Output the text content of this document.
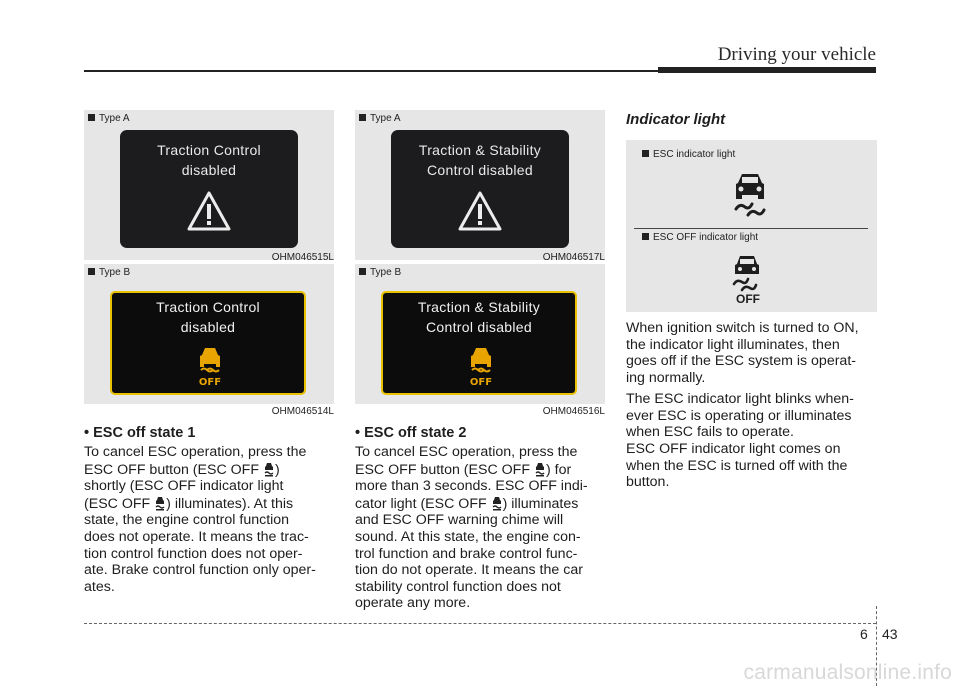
Driving your vehicle
Type A
Traction Control
disabled
OHM046515L
Type B
Traction Control
disabled
OFF
OHM046514L
Type A
Traction & Stability
Control disabled
OHM046517L
Type B
Traction & Stability
Control disabled
OFF
OHM046516L
• ESC off state 1
To cancel ESC operation, press the
ESC OFF button (ESC OFF )
shortly (ESC OFF indicator light
(ESC OFF ) illuminates). At this
state, the engine control function
does not operate. It means the trac-
tion control function does not oper-
ate. Brake control function only oper-
ates.
• ESC off state 2
To cancel ESC operation, press the
ESC OFF button (ESC OFF ) for
more than 3 seconds. ESC OFF indi-
cator light (ESC OFF ) illuminates
and ESC OFF warning chime will
sound. At this state, the engine con-
trol function and brake control func-
tion do not operate. It means the car
stability control function does not
operate any more.
Indicator light
ESC indicator light
ESC OFF indicator light
OFF
When ignition switch is turned to ON,
the indicator light illuminates, then
goes off if the ESC system is operat-
ing normally.
The ESC indicator light blinks when-
ever ESC is operating or illuminates
when ESC fails to operate.
ESC OFF indicator light comes on
when the ESC is turned off with the
button.
6 43
carmanualsonline.info
